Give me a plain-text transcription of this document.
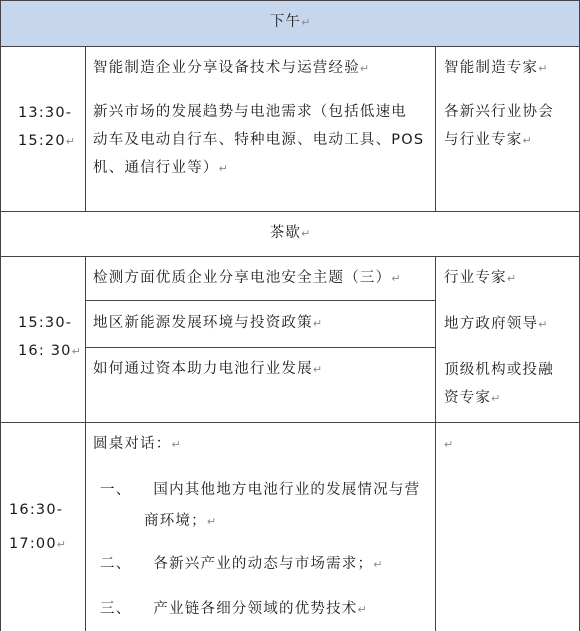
下午↵

13:30-

15:20↵

智能制造企业分享设备技术与运营经验↵

新兴市场的发展趋势与电池需求（包括低速电

动车及电动自行车、特种电源、电动工具、POS

机、通信行业等）↵

智能制造专家↵

各新兴行业协会

与行业专家↵

茶歇↵

15:30-

16: 30↵

检测方面优质企业分享电池安全主题（三）↵
地区新能源发展环境与投资政策↵
如何通过资本助力电池行业发展↵

行业专家↵

地方政府领导↵

顶级机构或投融

资专家↵

16:30-

17:00↵

圆桌对话：↵

一、 国内其他地方电池行业的发展情况与营

商环境；↵

二、 各新兴产业的动态与市场需求；↵
三、 产业链各细分领域的优势技术↵
↵
